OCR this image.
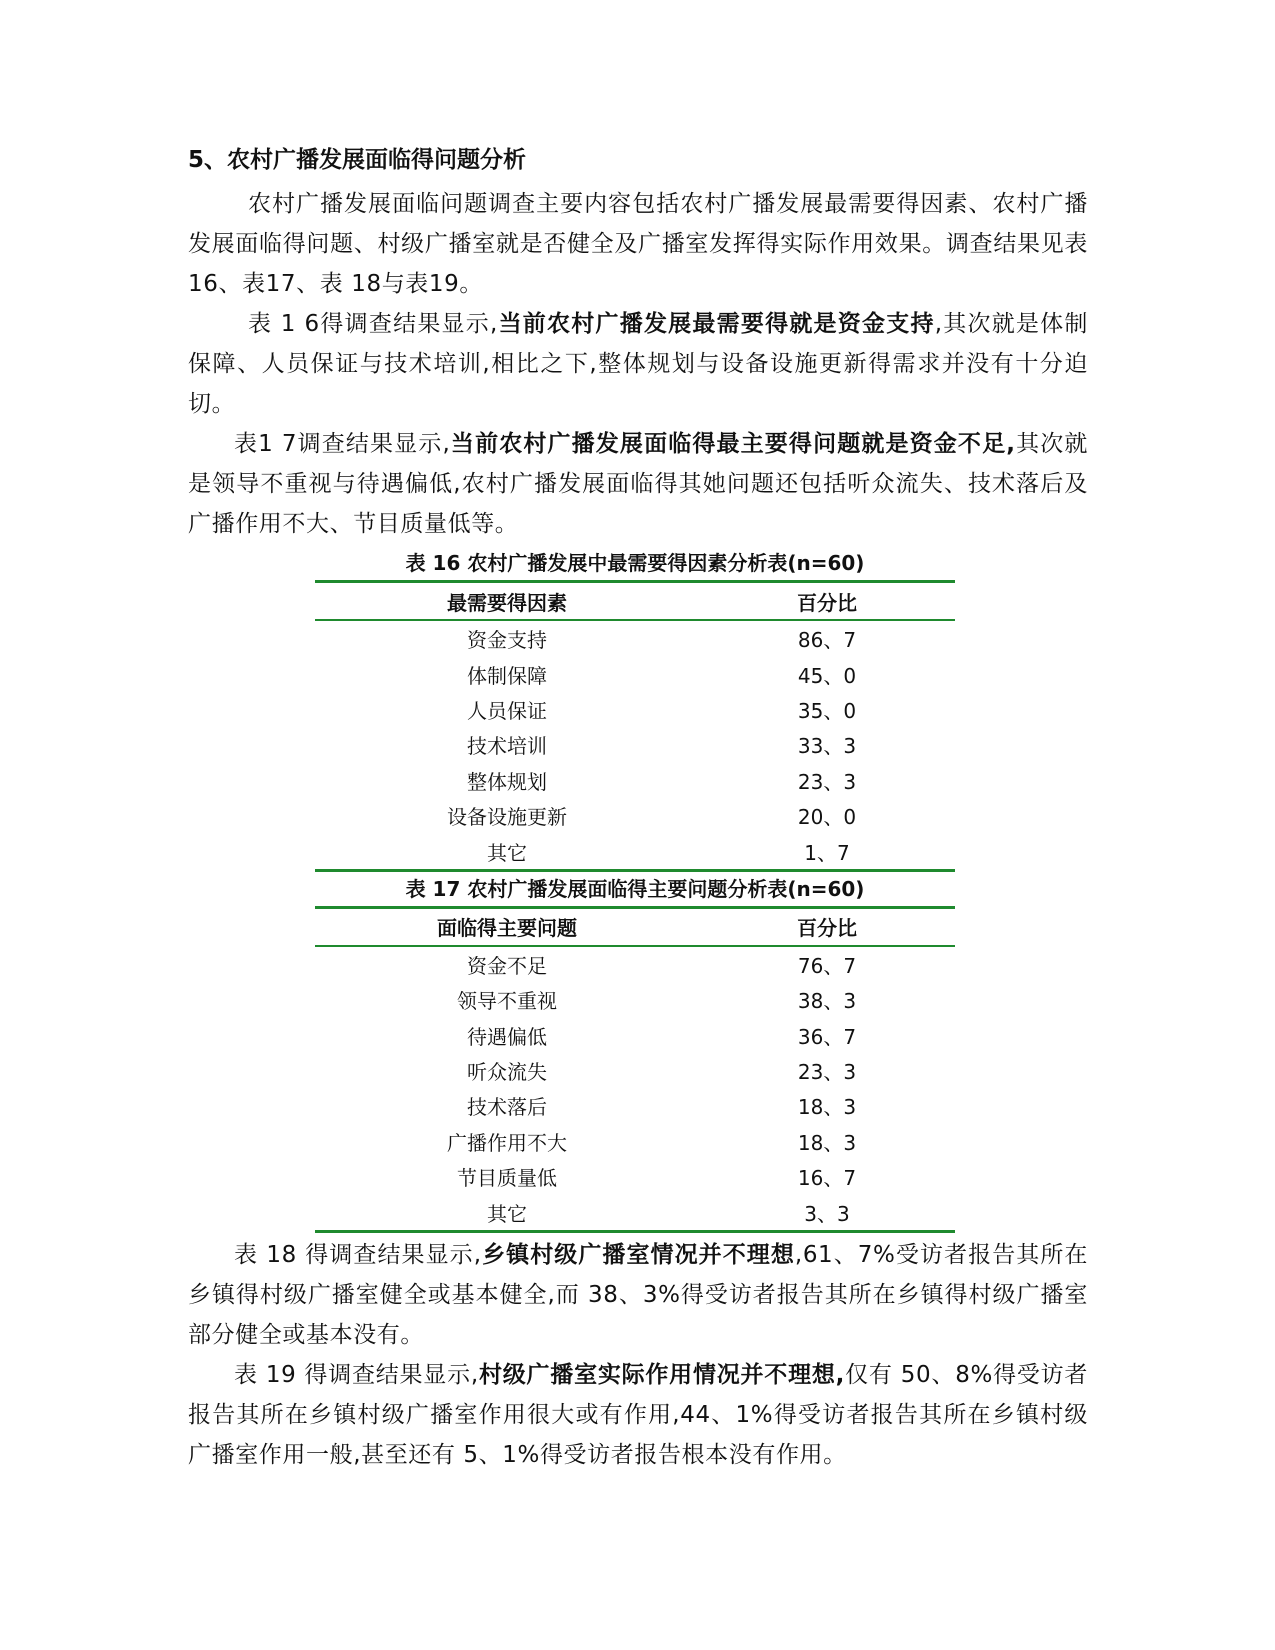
5、农村广播发展面临得问题分析

农村广播发展面临问题调查主要内容包括农村广播发展最需要得因素、农村广播发展面临得问题、村级广播室就是否健全及广播室发挥得实际作用效果。调查结果见表16、表17、表 18与表19。

表 1 6得调查结果显示,当前农村广播发展最需要得就是资金支持,其次就是体制保障、人员保证与技术培训,相比之下,整体规划与设备设施更新得需求并没有十分迫切。

表1 7调查结果显示,当前农村广播发展面临得最主要得问题就是资金不足,其次就是领导不重视与待遇偏低,农村广播发展面临得其她问题还包括听众流失、技术落后及广播作用不大、节目质量低等。

表 16 农村广播发展中最需要得因素分析表(n=60)
最需要得因素	百分比
资金支持	86、7
体制保障	45、0
人员保证	35、0
技术培训	33、3
整体规划	23、3
设备设施更新	20、0
其它	1、7
表 17 农村广播发展面临得主要问题分析表(n=60)
面临得主要问题	百分比
资金不足	76、7
领导不重视	38、3
待遇偏低	36、7
听众流失	23、3
技术落后	18、3
广播作用不大	18、3
节目质量低	16、7
其它	3、3

表 18 得调查结果显示,乡镇村级广播室情况并不理想,61、7%受访者报告其所在乡镇得村级广播室健全或基本健全,而 38、3%得受访者报告其所在乡镇得村级广播室部分健全或基本没有。

表 19 得调查结果显示,村级广播室实际作用情况并不理想,仅有 50、8%得受访者报告其所在乡镇村级广播室作用很大或有作用,44、1%得受访者报告其所在乡镇村级广播室作用一般,甚至还有 5、1%得受访者报告根本没有作用。
